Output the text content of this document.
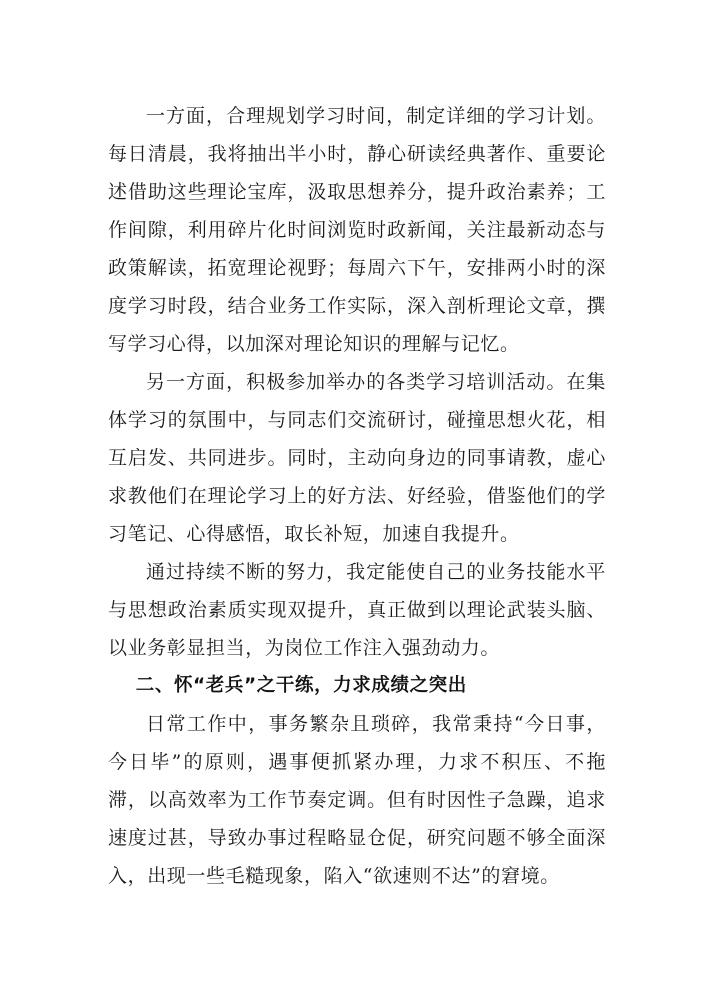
一方面，合理规划学习时间，制定详细的学习计划。每日清晨，我将抽出半小时，静心研读经典著作、重要论述借助这些理论宝库，汲取思想养分，提升政治素养；工作间隙，利用碎片化时间浏览时政新闻，关注最新动态与政策解读，拓宽理论视野；每周六下午，安排两小时的深度学习时段，结合业务工作实际，深入剖析理论文章，撰写学习心得，以加深对理论知识的理解与记忆。

另一方面，积极参加举办的各类学习培训活动。在集体学习的氛围中，与同志们交流研讨，碰撞思想火花，相互启发、共同进步。同时，主动向身边的同事请教，虚心求教他们在理论学习上的好方法、好经验，借鉴他们的学习笔记、心得感悟，取长补短，加速自我提升。

通过持续不断的努力，我定能使自己的业务技能水平与思想政治素质实现双提升，真正做到以理论武装头脑、以业务彰显担当，为岗位工作注入强劲动力。

二、怀“老兵”之干练，力求成绩之突出

日常工作中，事务繁杂且琐碎，我常秉持“今日事，今日毕”的原则，遇事便抓紧办理，力求不积压、不拖滞，以高效率为工作节奏定调。但有时因性子急躁，追求速度过甚，导致办事过程略显仓促，研究问题不够全面深入，出现一些毛糙现象，陷入“欲速则不达”的窘境。
